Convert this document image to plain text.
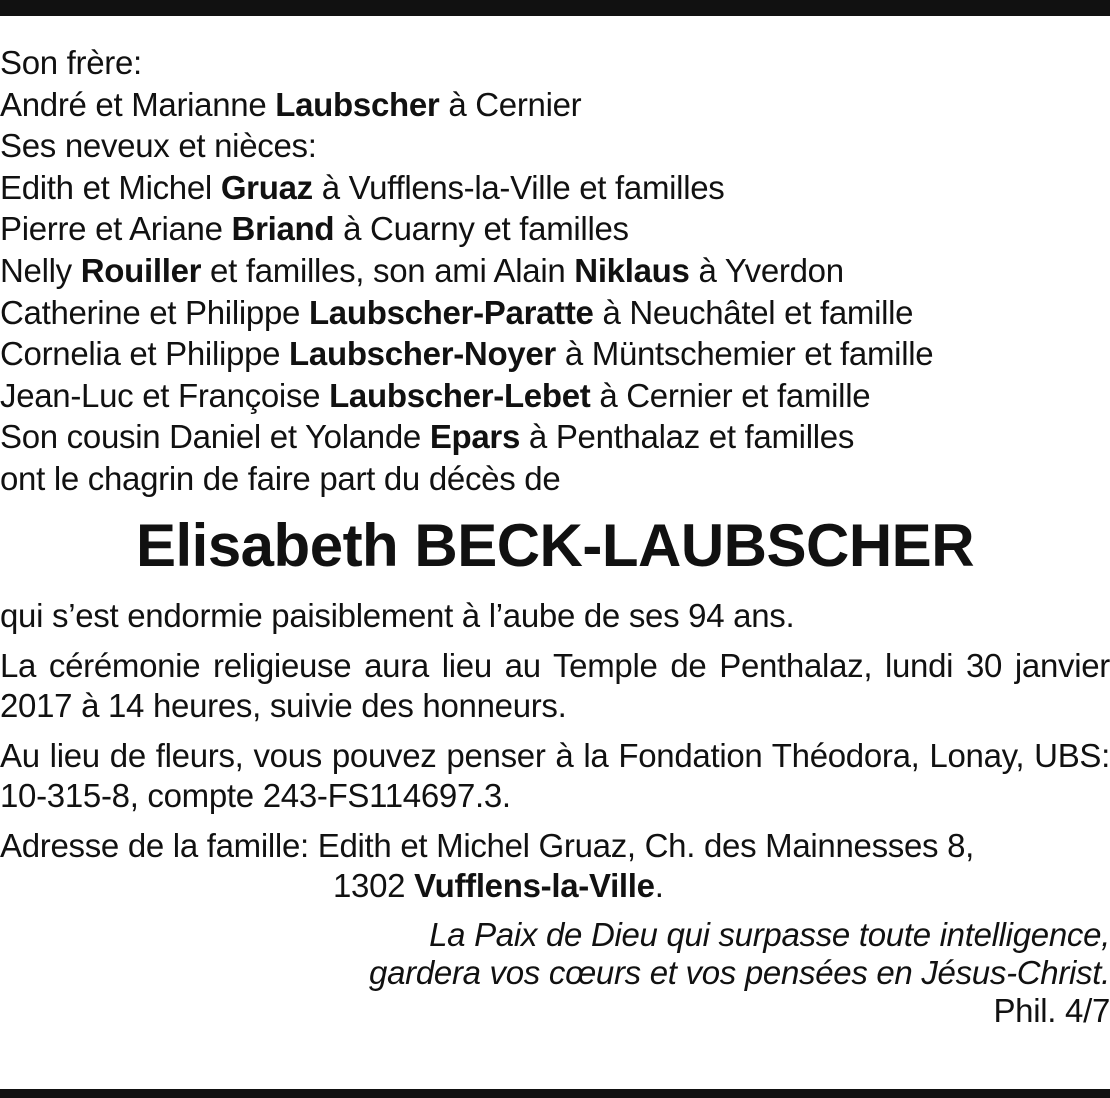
Son frère:
André et Marianne Laubscher à Cernier
Ses neveux et nièces:
Edith et Michel Gruaz à Vufflens-la-Ville et familles
Pierre et Ariane Briand à Cuarny et familles
Nelly Rouiller et familles, son ami Alain Niklaus à Yverdon
Catherine et Philippe Laubscher-Paratte à Neuchâtel et famille
Cornelia et Philippe Laubscher-Noyer à Müntschemier et famille
Jean-Luc et Françoise Laubscher-Lebet à Cernier et famille
Son cousin Daniel et Yolande Epars à Penthalaz et familles
ont le chagrin de faire part du décès de
Elisabeth BECK-LAUBSCHER

qui s’est endormie paisiblement à l’aube de ses 94 ans.

La cérémonie religieuse aura lieu au Temple de Penthalaz, lundi 30 janvier 2017 à 14 heures, suivie des honneurs.

Au lieu de fleurs, vous pouvez penser à la Fondation Théodora, Lonay, UBS: 10-315-8, compte 243-FS114697.3.

Adresse de la famille: Edith et Michel Gruaz, Ch. des Mainnesses 8,
1302 Vufflens-la-Ville.
La Paix de Dieu qui surpasse toute intelligence,
gardera vos cœurs et vos pensées en Jésus-Christ.
Phil. 4/7
